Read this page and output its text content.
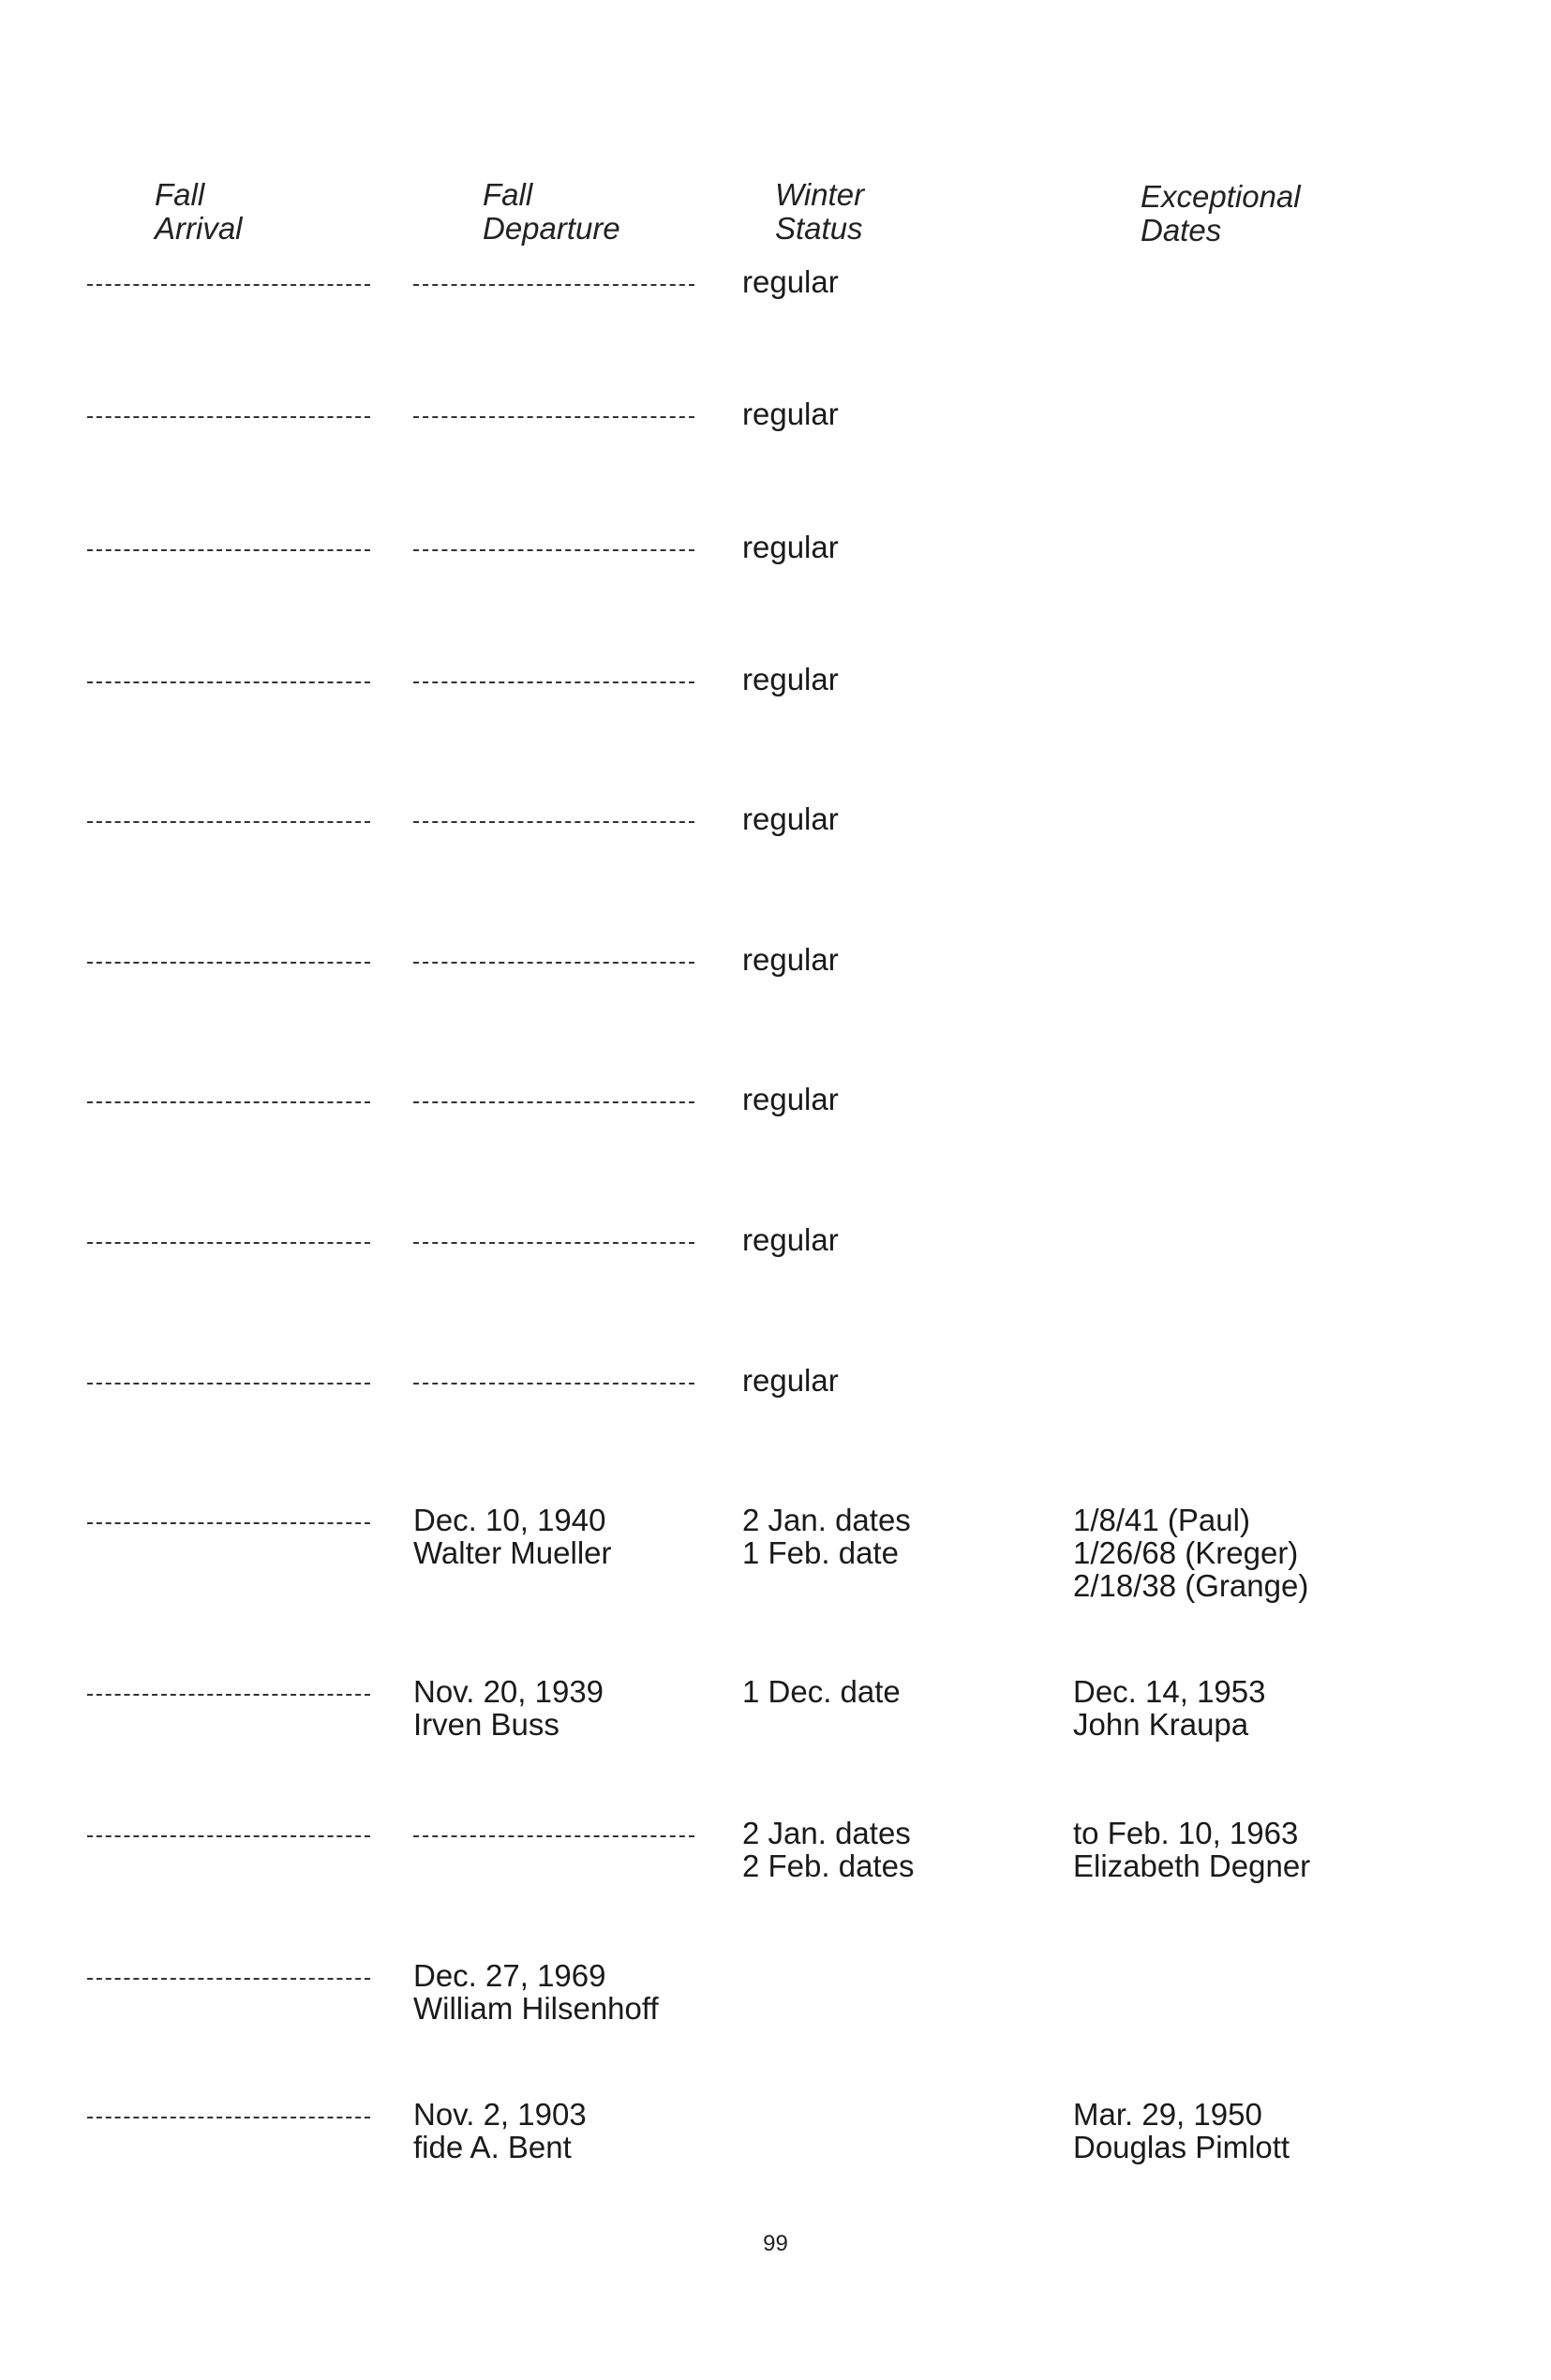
Fall
Arrival
Fall
Departure
Winter
Status
Exceptional
Dates
regular
regular
regular
regular
regular
regular
regular
regular
regular
Dec. 10, 1940
Walter Mueller
2 Jan. dates
1 Feb. date
1/8/41 (Paul)
1/26/68 (Kreger)
2/18/38 (Grange)
Nov. 20, 1939
Irven Buss
1 Dec. date	Dec. 14, 1953
John Kraupa
2 Jan. dates
2 Feb. dates
to Feb. 10, 1963
Elizabeth Degner
Dec. 27, 1969
William Hilsenhoff
Nov. 2, 1903
fide A. Bent
Mar. 29, 1950
Douglas Pimlott
99
